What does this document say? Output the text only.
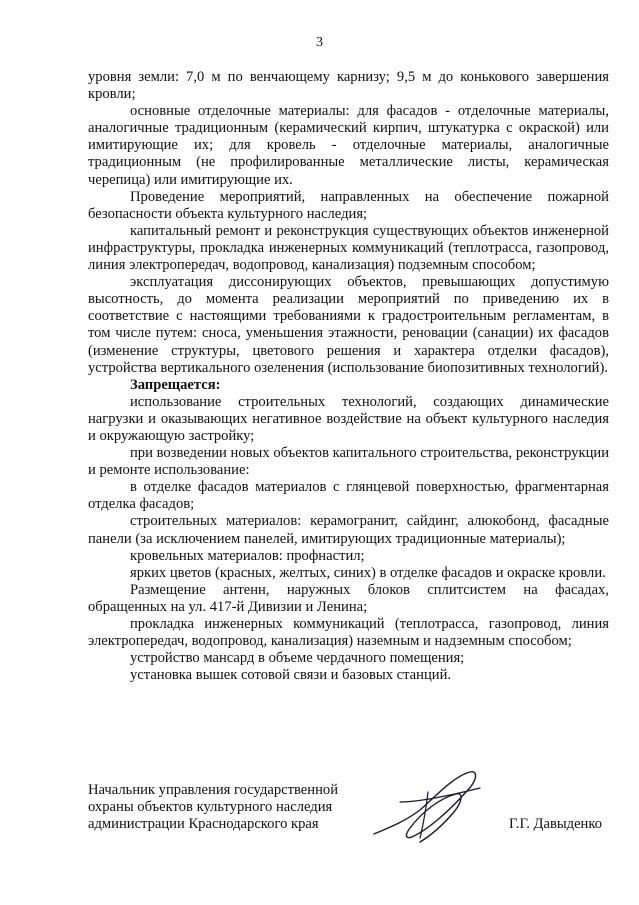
3

уровня земли: 7,0 м по венчающему карнизу; 9,5 м до конькового завершения кровли;

основные отделочные материалы: для фасадов - отделочные материалы, аналогичные традиционным (керамический кирпич, штукатурка с окраской) или имитирующие их; для кровель - отделочные материалы, аналогичные традиционным (не профилированные металлические листы, керамическая черепица) или имитирующие их.

Проведение мероприятий, направленных на обеспечение пожарной безопасности объекта культурного наследия;

капитальный ремонт и реконструкция существующих объектов инженерной инфраструктуры, прокладка инженерных коммуникаций (теплотрасса, газопровод, линия электропередач, водопровод, канализация) подземным способом;

эксплуатация диссонирующих объектов, превышающих допустимую высотность, до момента реализации мероприятий по приведению их в соответствие с настоящими требованиями к градостроительным регламентам, в том числе путем: сноса, уменьшения этажности, реновации (санации) их фасадов (изменение структуры, цветового решения и характера отделки фасадов), устройства вертикального озеленения (использование биопозитивных технологий).

Запрещается:

использование строительных технологий, создающих динамические нагрузки и оказывающих негативное воздействие на объект культурного наследия и окружающую застройку;

при возведении новых объектов капитального строительства, реконструкции и ремонте использование:

в отделке фасадов материалов с глянцевой поверхностью, фрагментарная отделка фасадов;

строительных материалов: керамогранит, сайдинг, алюкобонд, фасадные панели (за исключением панелей, имитирующих традиционные материалы);

кровельных материалов: профнастил;

ярких цветов (красных, желтых, синих) в отделке фасадов и окраске кровли.

Размещение антенн, наружных блоков сплитсистем на фасадах, обращенных на ул. 417-й Дивизии и Ленина;

прокладка инженерных коммуникаций (теплотрасса, газопровод, линия электропередач, водопровод, канализация) наземным и надземным способом;

устройство мансард в объеме чердачного помещения;

установка вышек сотовой связи и базовых станций.

Начальник управления государственной
охраны объектов культурного наследия
администрации Краснодарского края	Г.Г. Давыденко
